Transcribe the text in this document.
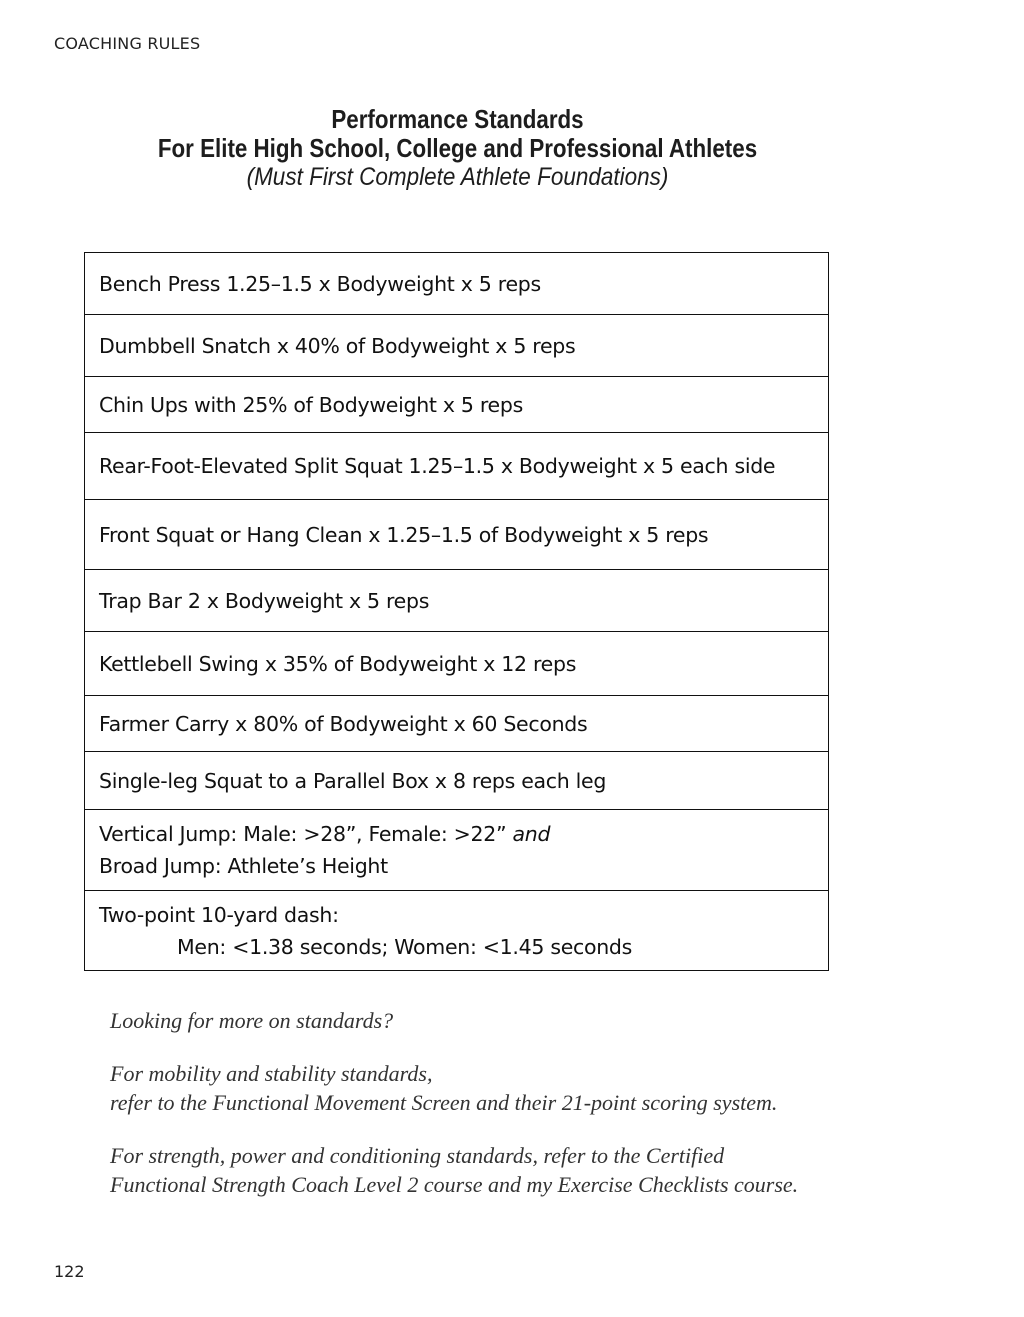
COACHING RULES
Performance Standards
For Elite High School, College and Professional Athletes
(Must First Complete Athlete Foundations)
Bench Press 1.25–1.5 x Bodyweight x 5 reps
Dumbbell Snatch x 40% of Bodyweight x 5 reps
Chin Ups with 25% of Bodyweight x 5 reps
Rear-Foot-Elevated Split Squat 1.25–1.5 x Bodyweight x 5 each side
Front Squat or Hang Clean x 1.25–1.5 of Bodyweight x 5 reps
Trap Bar 2 x Bodyweight x 5 reps
Kettlebell Swing x 35% of Bodyweight x 12 reps
Farmer Carry x 80% of Bodyweight x 60 Seconds
Single-leg Squat to a Parallel Box x 8 reps each leg
Vertical Jump: Male: >28”, Female: >22” and
Broad Jump: Athlete’s Height
Two-point 10-yard dash:
Men: <1.38 seconds; Women: <1.45 seconds

Looking for more on standards?

For mobility and stability standards,
refer to the Functional Movement Screen and their 21-point scoring system.

For strength, power and conditioning standards, refer to the Certified
Functional Strength Coach Level 2 course and my Exercise Checklists course.

122
